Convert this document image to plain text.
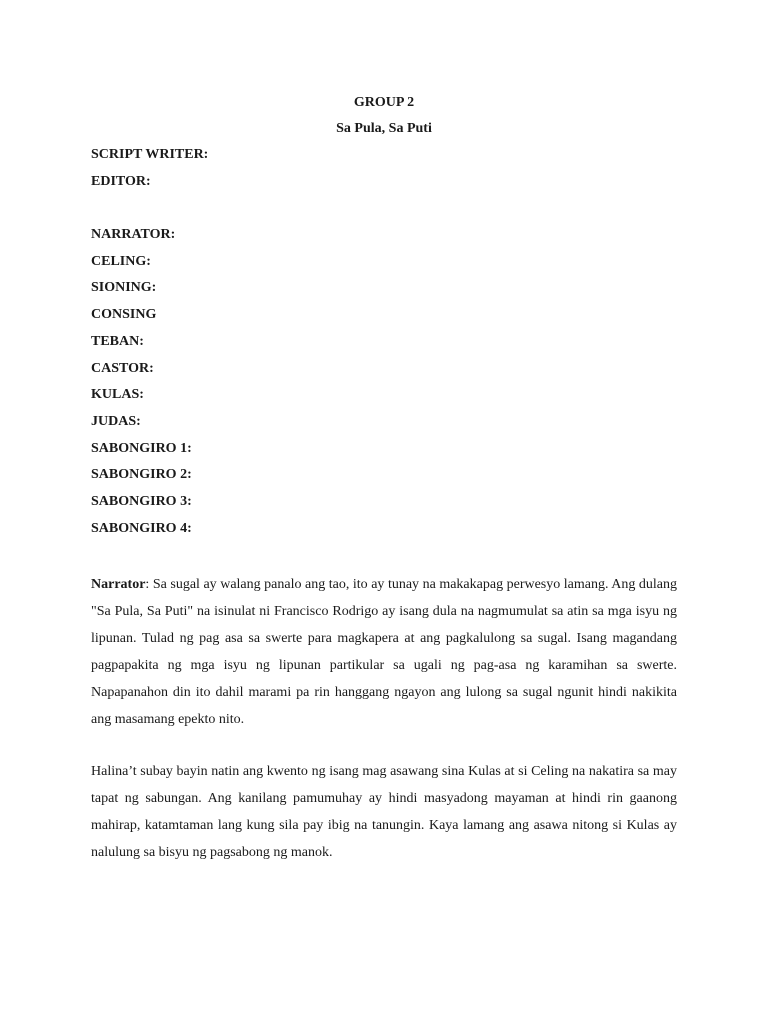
GROUP 2
Sa Pula, Sa Puti
SCRIPT WRITER:
EDITOR:
NARRATOR:
CELING:
SIONING:
CONSING
TEBAN:
CASTOR:
KULAS:
JUDAS:
SABONGIRO 1:
SABONGIRO 2:
SABONGIRO 3:
SABONGIRO 4:

Narrator: Sa sugal ay walang panalo ang tao, ito ay tunay na makakapag perwesyo lamang. Ang dulang "Sa Pula, Sa Puti" na isinulat ni Francisco Rodrigo ay isang dula na nagmumulat sa atin sa mga isyu ng lipunan. Tulad ng pag asa sa swerte para magkapera at ang pagkalulong sa sugal. Isang magandang pagpapakita ng mga isyu ng lipunan partikular sa ugali ng pag-asa ng karamihan sa swerte. Napapanahon din ito dahil marami pa rin hanggang ngayon ang lulong sa sugal ngunit hindi nakikita ang masamang epekto nito.

Halina’t subay bayin natin ang kwento ng isang mag asawang sina Kulas at si Celing na nakatira sa may tapat ng sabungan. Ang kanilang pamumuhay ay hindi masyadong mayaman at hindi rin gaanong mahirap, katamtaman lang kung sila pay ibig na tanungin. Kaya lamang ang asawa nitong si Kulas ay nalulung sa bisyu ng pagsabong ng manok.
